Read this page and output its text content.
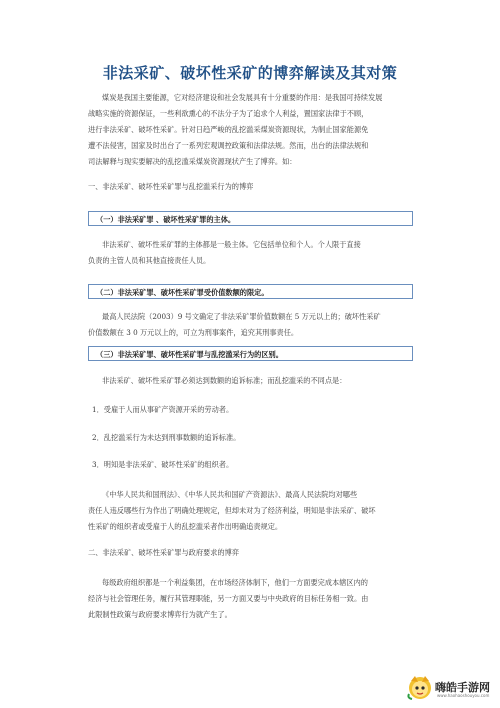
非法采矿、破坏性采矿的博弈解读及其对策
煤炭是我国主要能源，它对经济建设和社会发展具有十分重要的作用：是我国可持续发展
战略实施的资源保证，一些利欲熏心的不法分子为了追求个人利益，置国家法律于不顾，
进行非法采矿、破坏性采矿。针对日趋严峻的乱挖滥采煤炭资源现状，为制止国家能源免
遭不法侵害，国家及时出台了一系列宏观调控政策和法律法规。然而，出台的法律法规和
司法解释与现实要解决的乱挖滥采煤炭资源现状产生了博弈。如：

一、非法采矿、破坏性采矿罪与乱挖滥采行为的博弈

（一）非法采矿罪 、破坏性采矿罪的主体。

非法采矿、破坏性采矿罪的主体都是一般主体。它包括单位和个人。个人限于直接
负责的主管人员和其他直接责任人员。

（二）非法采矿罪、破坏性采矿罪受价值数额的限定。

最高人民法院（2003）9 号文确定了非法采矿罪价值数额在 5 万元以上的；破坏性采矿
价值数额在 3 0 万元以上的，可立为刑事案件，追究其刑事责任。

（三）非法采矿罪、破坏性采矿罪与乱挖滥采行为的区别。

非法采矿、破坏性采矿罪必须达到数额的追诉标准；而乱挖滥采的不同点是：

1．受雇于人而从事矿产资源开采的劳动者。

2．乱挖滥采行为未达到刑事数额的追诉标准。

3．明知是非法采矿、破坏性采矿的组织者。

《中华人民共和国刑法》、《中华人民共和国矿产资源法》、最高人民法院均对哪些
责任人违反哪些行为作出了明确处理规定，但却未对为了经济利益，明知是非法采矿、破坏
性采矿的组织者或受雇于人的乱挖滥采者作出明确追责规定。

二、非法采矿、破坏性采矿罪与政府要求的博弈

每级政府组织都是一个利益集团，在市场经济体制下，他们一方面要完成本辖区内的
经济与社会管理任务，履行其管理职能，另一方面又要与中央政府的目标任务相一致。由
此限制性政策与政府要求博弈行为就产生了。
嗨皓手游网
www.haohaoshouyou.com
